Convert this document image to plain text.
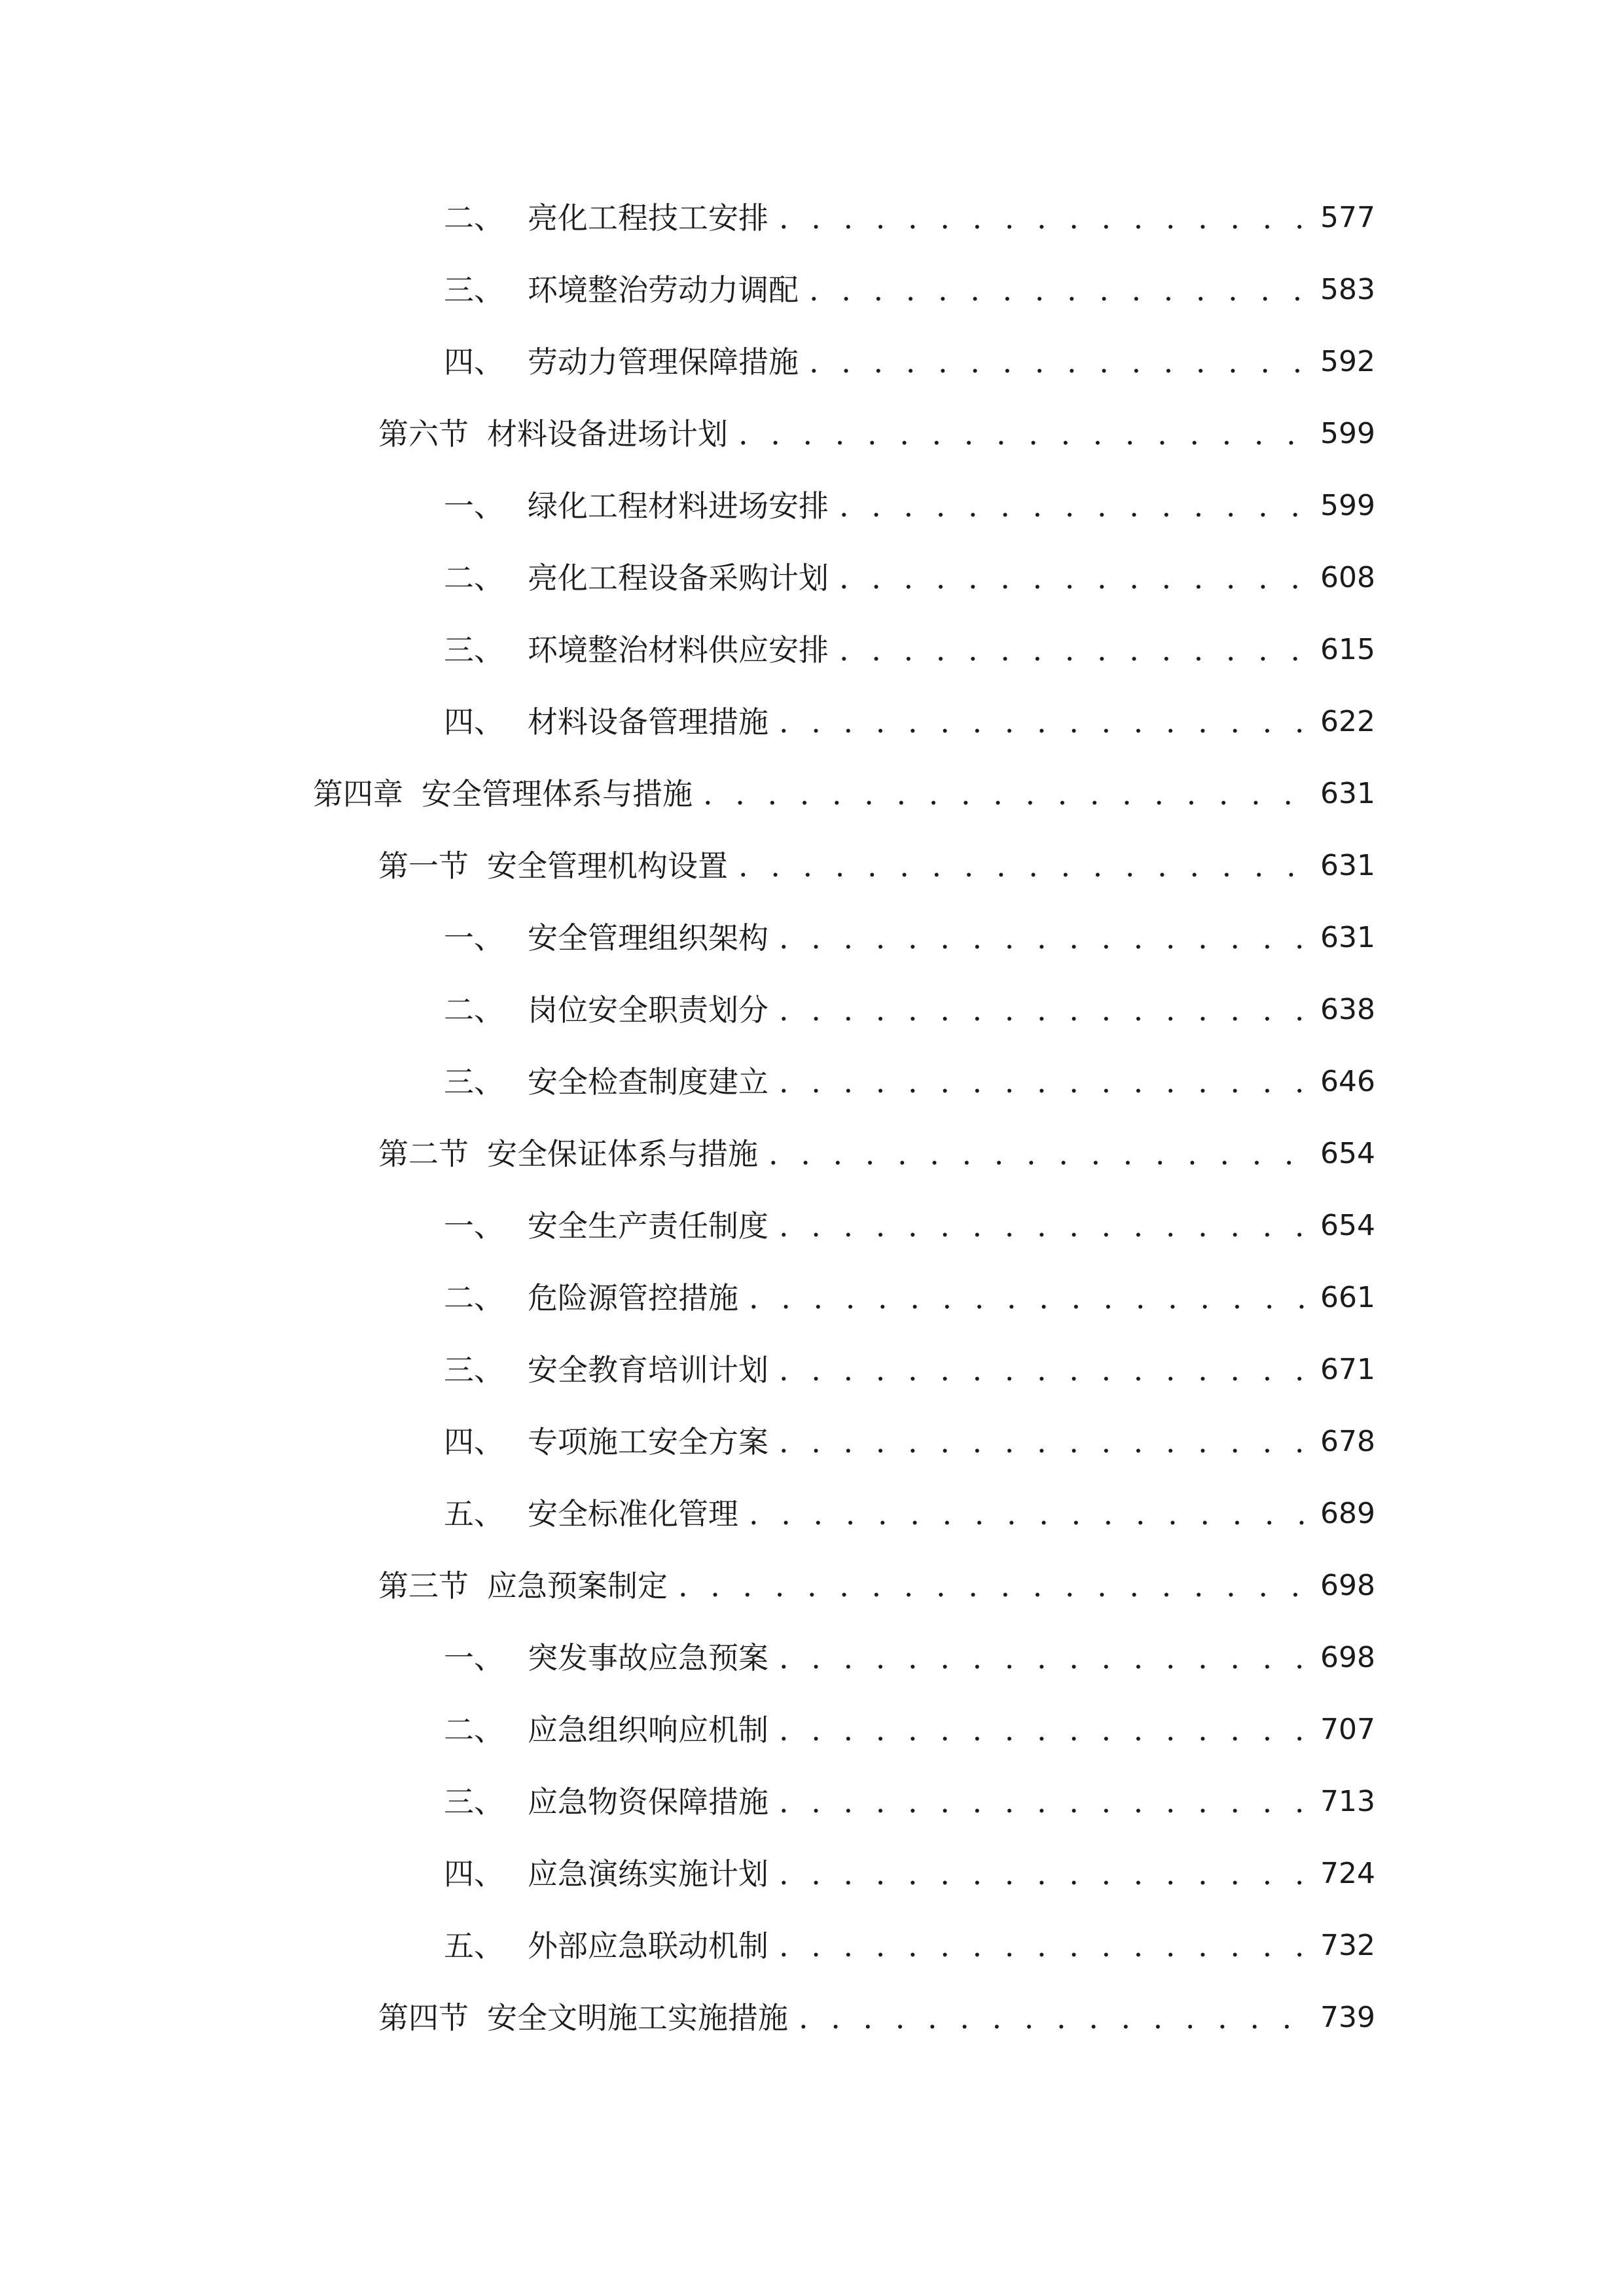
二、 亮化工程技工安排 . . .	577
三、 环境整治劳动力调配 . . .	583
四、 劳动力管理保障措施 . . .	592
第六节 材料设备进场计划 . . .	599
一、 绿化工程材料进场安排 . . .	599
二、 亮化工程设备采购计划 . . .	608
三、 环境整治材料供应安排 . . .	615
四、 材料设备管理措施 . . .	622
第四章 安全管理体系与措施 . . .	631
第一节 安全管理机构设置 . . .	631
一、 安全管理组织架构 . . .	631
二、 岗位安全职责划分 . . .	638
三、 安全检查制度建立 . . .	646
第二节 安全保证体系与措施 . . .	654
一、 安全生产责任制度 . . .	654
二、 危险源管控措施 . . .	661
三、 安全教育培训计划 . . .	671
四、 专项施工安全方案 . . .	678
五、 安全标准化管理 . . .	689
第三节 应急预案制定 . . .	698
一、 突发事故应急预案 . . .	698
二、 应急组织响应机制 . . .	707
三、 应急物资保障措施 . . .	713
四、 应急演练实施计划 . . .	724
五、 外部应急联动机制 . . .	732
第四节 安全文明施工实施措施 . . .	739
